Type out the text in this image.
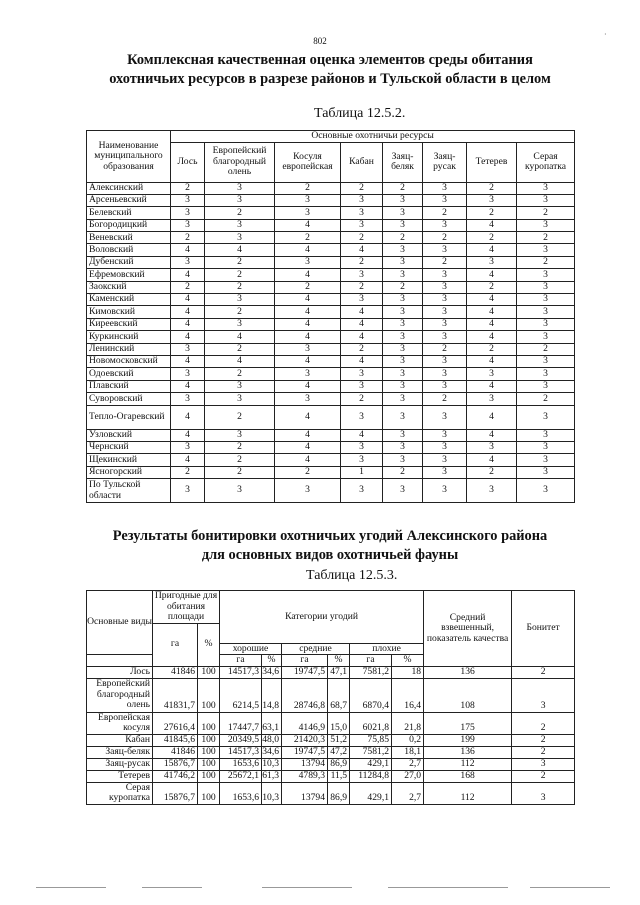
802
·
Комплексная качественная оценка элементов среды обитания
охотничьих ресурсов в разрезе районов и Тульской области в целом
Таблица 12.5.2.
Наименование муниципального образования	Основные охотничьи ресурсы							
	Лось	Европейский благородный олень	Косуля европейская	Кабан	Заяц-беляк	Заяц-русак	Тетерев	Серая куропатка
Алексинский	2	3	2	2	2	3	2	3
Арсеньевский	3	3	3	3	3	3	3	3
Белевский	3	2	3	3	3	2	2	2
Богородицкий	3	3	4	3	3	3	4	3
Веневский	2	3	2	2	2	2	2	2
Воловский	4	4	4	4	3	3	4	3
Дубенский	3	2	3	2	3	2	3	2
Ефремовский	4	2	4	3	3	3	4	3
Заокский	2	2	2	2	2	3	2	3
Каменский	4	3	4	3	3	3	4	3
Кимовский	4	2	4	4	3	3	4	3
Киреевский	4	3	4	4	3	3	4	3
Куркинский	4	4	4	4	3	3	4	3
Ленинский	3	2	3	2	3	2	2	2
Новомосковский	4	4	4	4	3	3	4	3
Одоевский	3	2	3	3	3	3	3	3
Плавский	4	3	4	3	3	3	4	3
Суворовский	3	3	3	2	3	2	3	2
Тепло-Огаревский	4	2	4	3	3	3	4	3
Узловский	4	3	4	4	3	3	4	3
Чернский	3	2	4	3	3	3	3	3
Щекинский	4	2	4	3	3	3	4	3
Ясногорский	2	2	2	1	2	3	2	3
По Тульской области	3	3	3	3	3	3	3	3
Результаты бонитировки охотничьих угодий Алексинского района
для основных видов охотничьей фауны
Таблица 12.5.3.
Основные виды	Пригодные для обитания площади		Категории угодий						Средний взвешенный, показатель качества	Бонитет
	га	%								
			хорошие		средние		плохие			
			га	%	га	%	га	%		
Лось	41846	100	14517,3	34,6	19747,5	47,1	7581,2	18	136	2
Европейский благородный олень	41831,7	100	6214,5	14,8	28746,8	68,7	6870,4	16,4	108	3
Европейская косуля	27616,4	100	17447,7	63,1	4146,9	15,0	6021,8	21,8	175	2
Кабан	41845,6	100	20349,5	48,0	21420,3	51,2	75,85	0,2	199	2
Заяц-беляк	41846	100	14517,3	34,6	19747,5	47,2	7581,2	18,1	136	2
Заяц-русак	15876,7	100	1653,6	10,3	13794	86,9	429,1	2,7	112	3
Тетерев	41746,2	100	25672,1	61,3	4789,3	11,5	11284,8	27,0	168	2
Серая куропатка	15876,7	100	1653,6	10,3	13794	86,9	429,1	2,7	112	3
